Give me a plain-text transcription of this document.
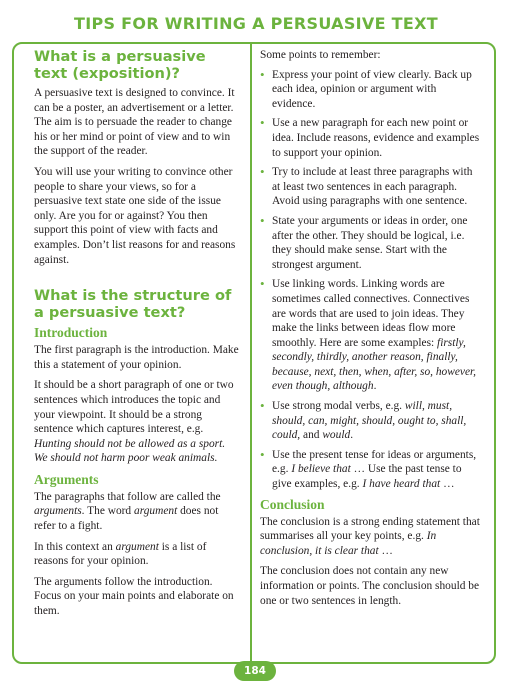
TIPS FOR WRITING A PERSUASIVE TEXT
What is a persuasive text (exposition)?

A persuasive text is designed to convince. It can be a poster, an advertisement or a letter. The aim is to persuade the reader to change his or her mind or point of view and to win the support of the reader.

You will use your writing to convince other people to share your views, so for a persuasive text state one side of the issue only. Are you for or against? You then support this point of view with facts and examples. Don’t list reasons for and reasons against.

What is the structure of a persuasive text?
Introduction

The first paragraph is the introduction. Make this a statement of your opinion.

It should be a short paragraph of one or two sentences which introduces the topic and your viewpoint. It should be a strong sentence which captures interest, e.g. Hunting should not be allowed as a sport. We should not harm poor weak animals.

Arguments

The paragraphs that follow are called the arguments. The word argument does not refer to a fight.

In this context an argument is a list of reasons for your opinion.

The arguments follow the introduction. Focus on your main points and elaborate on them.

Some points to remember:

• Express your point of view clearly. Back up each idea, opinion or argument with evidence.
• Use a new paragraph for each new point or idea. Include reasons, evidence and examples to support your opinion.
• Try to include at least three paragraphs with at least two sentences in each paragraph. Avoid using paragraphs with one sentence.
• State your arguments or ideas in order, one after the other. They should be logical, i.e. they should make sense. Start with the strongest argument.
• Use linking words. Linking words are sometimes called connectives. Connectives are words that are used to join ideas. They make the links between ideas flow more smoothly. Here are some examples: firstly, secondly, thirdly, another reason, finally, because, next, then, when, after, so, however, even though, although.
• Use strong modal verbs, e.g. will, must, should, can, might, should, ought to, shall, could, and would.
• Use the present tense for ideas or arguments, e.g. I believe that … Use the past tense to give examples, e.g. I have heard that …
Conclusion

The conclusion is a strong ending statement that summarises all your key points, e.g. In conclusion, it is clear that …

The conclusion does not contain any new information or points. The conclusion should be one or two sentences in length.

184
